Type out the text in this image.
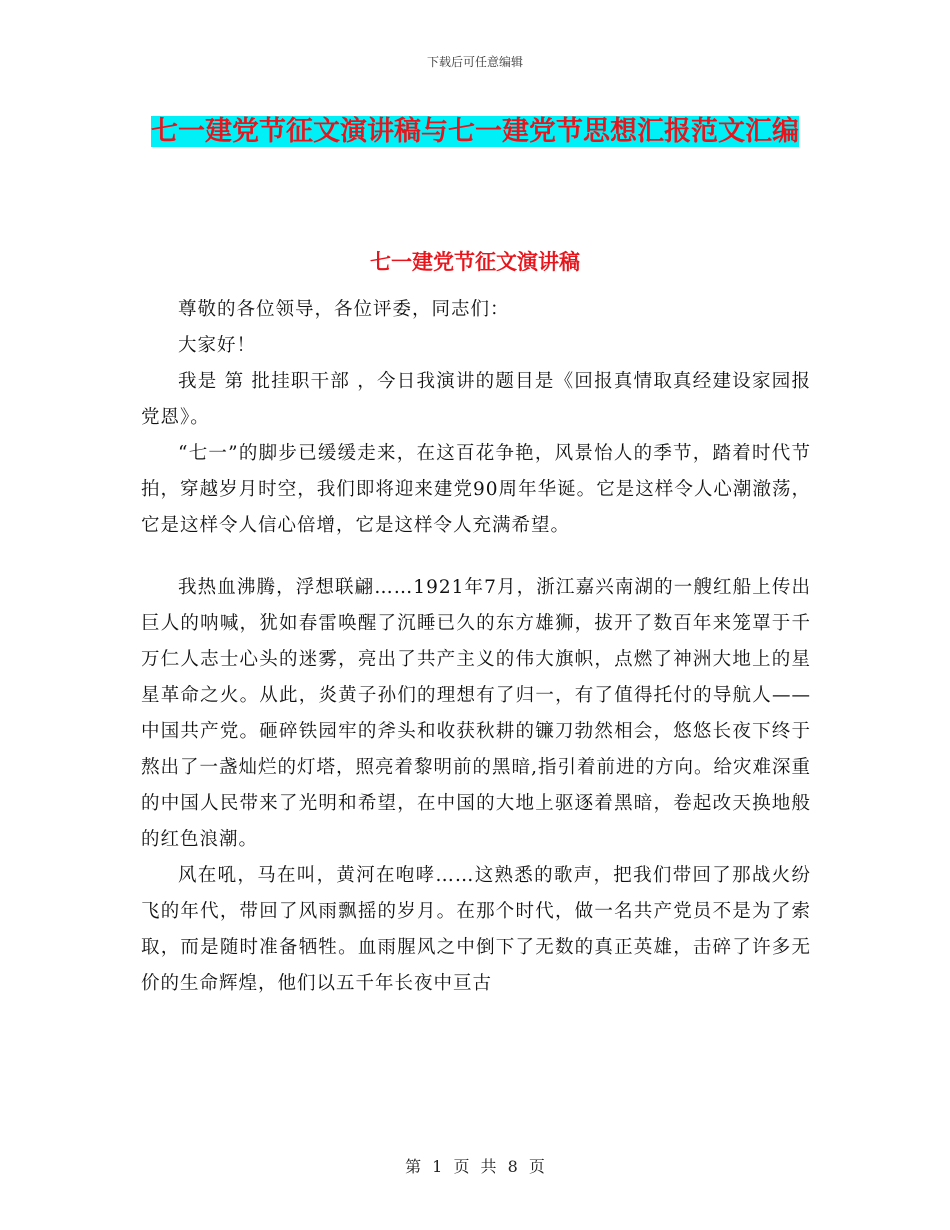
下载后可任意编辑
七一建党节征文演讲稿与七一建党节思想汇报范文汇编
七一建党节征文演讲稿

尊敬的各位领导，各位评委，同志们：

大家好！

我是 第 批挂职干部 ，今日我演讲的题目是《回报真情取真经建设家园报党恩》。

“七一”的脚步已缓缓走来，在这百花争艳，风景怡人的季节，踏着时代节拍，穿越岁月时空，我们即将迎来建党90周年华诞。它是这样令人心潮澈荡，它是这样令人信心倍增，它是这样令人充满希望。

我热血沸腾，浮想联翩……1921年7月，浙江嘉兴南湖的一艘红船上传出巨人的呐喊，犹如春雷唤醒了沉睡已久的东方雄狮，拔开了数百年来笼罩于千万仁人志士心头的迷雾，亮出了共产主义的伟大旗帜，点燃了神洲大地上的星星革命之火。从此，炎黄子孙们的理想有了归一，有了值得托付的导航人——中国共产党。砸碎铁园牢的斧头和收获秋耕的镰刀勃然相会，悠悠长夜下终于熬出了一盏灿烂的灯塔，照亮着黎明前的黑暗,指引着前进的方向。给灾难深重的中国人民带来了光明和希望，在中国的大地上驱逐着黑暗，卷起改天换地般的红色浪潮。

风在吼，马在叫，黄河在咆哮……这熟悉的歌声，把我们带回了那战火纷飞的年代，带回了风雨飘摇的岁月。在那个时代，做一名共产党员不是为了索取，而是随时准备牺牲。血雨腥风之中倒下了无数的真正英雄，击碎了许多无价的生命辉煌，他们以五千年长夜中亘古

第 1 页 共 8 页
